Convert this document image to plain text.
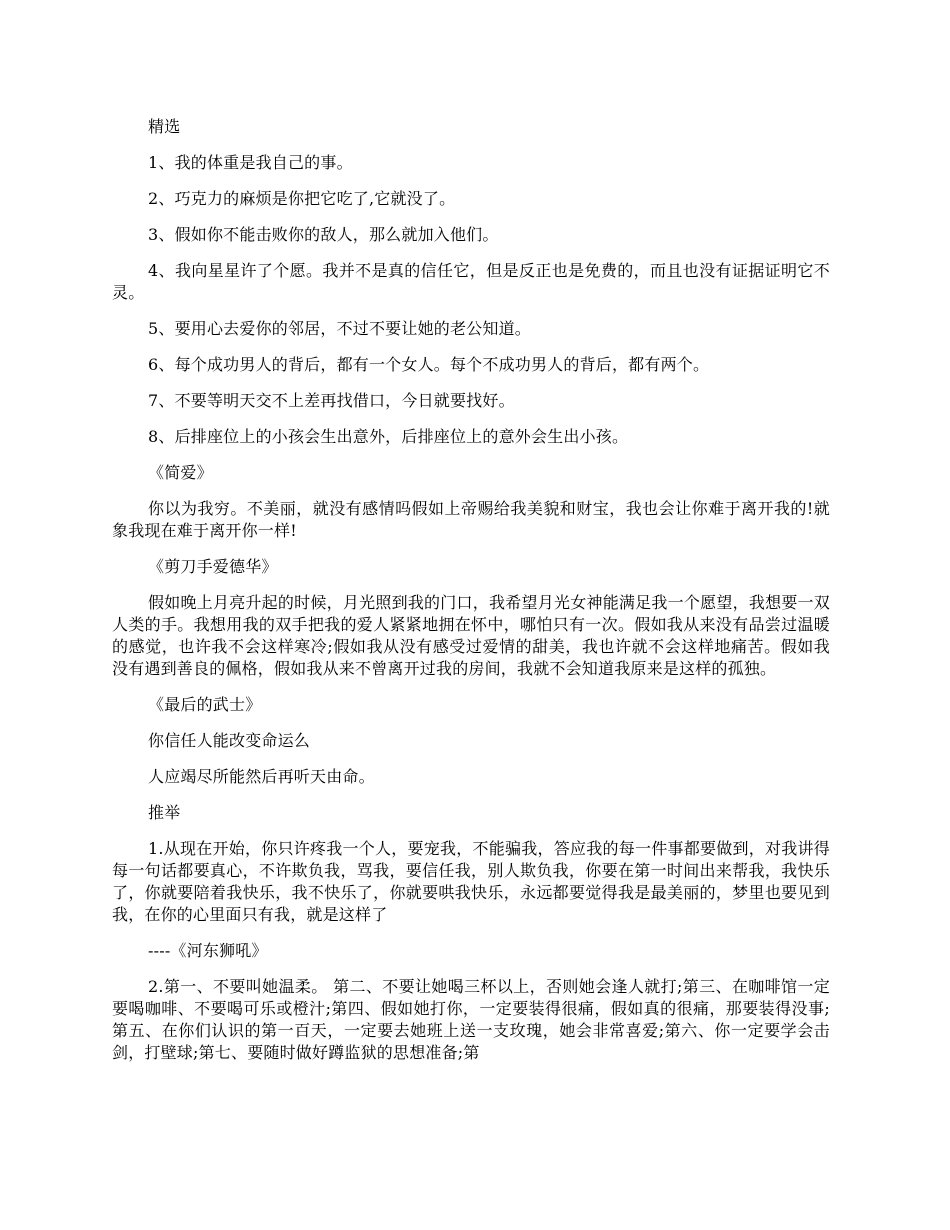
精选

1、我的体重是我自己的事。

2、巧克力的麻烦是你把它吃了,它就没了。

3、假如你不能击败你的敌人，那么就加入他们。

4、我向星星许了个愿。我并不是真的信任它，但是反正也是免费的，而且也没有证据证明它不灵。

5、要用心去爱你的邻居，不过不要让她的老公知道。

6、每个成功男人的背后，都有一个女人。每个不成功男人的背后，都有两个。

7、不要等明天交不上差再找借口，今日就要找好。

8、后排座位上的小孩会生出意外，后排座位上的意外会生出小孩。

《简爱》

你以为我穷。不美丽，就没有感情吗假如上帝赐给我美貌和财宝，我也会让你难于离开我的!就象我现在难于离开你一样!

《剪刀手爱德华》

假如晚上月亮升起的时候，月光照到我的门口，我希望月光女神能满足我一个愿望，我想要一双人类的手。我想用我的双手把我的爱人紧紧地拥在怀中，哪怕只有一次。假如我从来没有品尝过温暖的感觉，也许我不会这样寒冷;假如我从没有感受过爱情的甜美，我也许就不会这样地痛苦。假如我没有遇到善良的佩格，假如我从来不曾离开过我的房间，我就不会知道我原来是这样的孤独。

《最后的武士》

你信任人能改变命运么

人应竭尽所能然后再听天由命。

推举

1.从现在开始，你只许疼我一个人，要宠我，不能骗我，答应我的每一件事都要做到，对我讲得每一句话都要真心，不许欺负我，骂我，要信任我，别人欺负我，你要在第一时间出来帮我，我快乐了，你就要陪着我快乐，我不快乐了，你就要哄我快乐，永远都要觉得我是最美丽的，梦里也要见到我，在你的心里面只有我，就是这样了

----《河东狮吼》

2.第一、不要叫她温柔。 第二、不要让她喝三杯以上，否则她会逢人就打;第三、在咖啡馆一定要喝咖啡、不要喝可乐或橙汁;第四、假如她打你，一定要装得很痛，假如真的很痛，那要装得没事;第五、在你们认识的第一百天，一定要去她班上送一支玫瑰，她会非常喜爱;第六、你一定要学会击剑，打壁球;第七、要随时做好蹲监狱的思想准备;第
